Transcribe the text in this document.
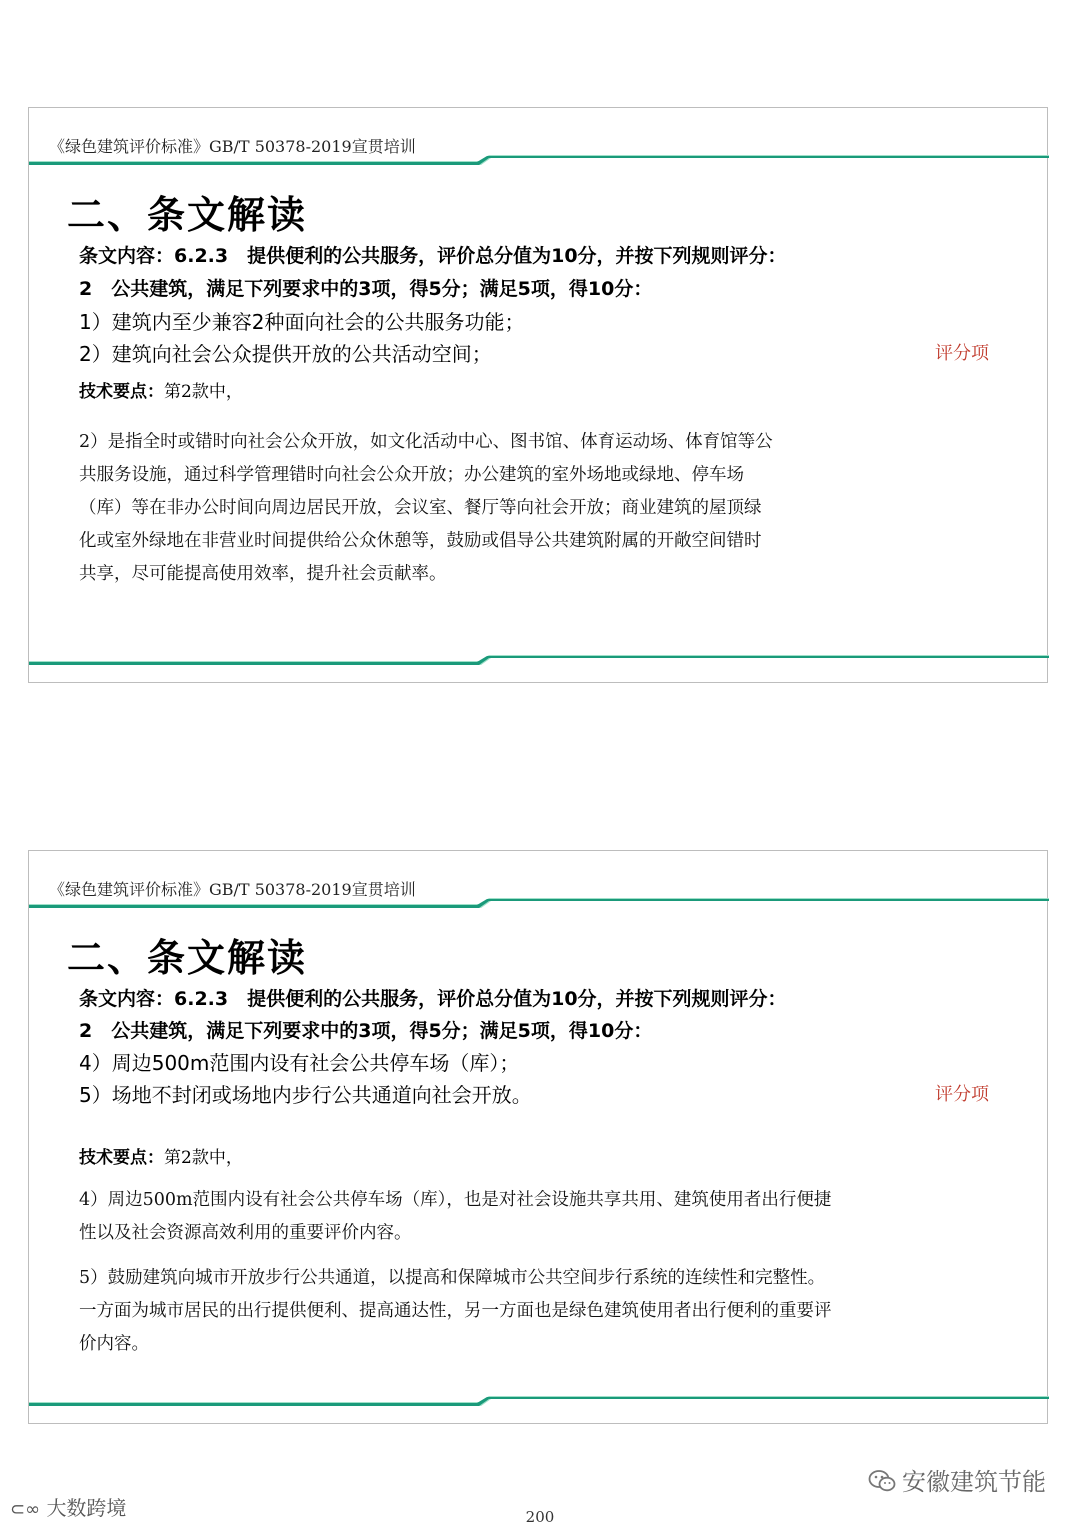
《绿色建筑评价标准》GB/T 50378-2019宣贯培训
二、条文解读
条文内容：6.2.3　提供便利的公共服务，评价总分值为10分，并按下列规则评分：
2　公共建筑，满足下列要求中的3项，得5分；满足5项，得10分：
1）建筑内至少兼容2种面向社会的公共服务功能；
2）建筑向社会公众提供开放的公共活动空间；	评分项
技术要点：第2款中，
2）是指全时或错时向社会公众开放，如文化活动中心、图书馆、体育运动场、体育馆等公
共服务设施，通过科学管理错时向社会公众开放；办公建筑的室外场地或绿地、停车场
（库）等在非办公时间向周边居民开放，会议室、餐厅等向社会开放；商业建筑的屋顶绿
化或室外绿地在非营业时间提供给公众休憩等，鼓励或倡导公共建筑附属的开敞空间错时
共享，尽可能提高使用效率，提升社会贡献率。
《绿色建筑评价标准》GB/T 50378-2019宣贯培训
二、条文解读
条文内容：6.2.3　提供便利的公共服务，评价总分值为10分，并按下列规则评分：
2　公共建筑，满足下列要求中的3项，得5分；满足5项，得10分：
4）周边500m范围内设有社会公共停车场（库）；
5）场地不封闭或场地内步行公共通道向社会开放。	评分项
技术要点：第2款中，
4）周边500m范围内设有社会公共停车场（库），也是对社会设施共享共用、建筑使用者出行便捷
性以及社会资源高效利用的重要评价内容。
5）鼓励建筑向城市开放步行公共通道，以提高和保障城市公共空间步行系统的连续性和完整性。
一方面为城市居民的出行提供便利、提高通达性，另一方面也是绿色建筑使用者出行便利的重要评
价内容。
安徽建筑节能
⊂∞ 大数跨境	200
